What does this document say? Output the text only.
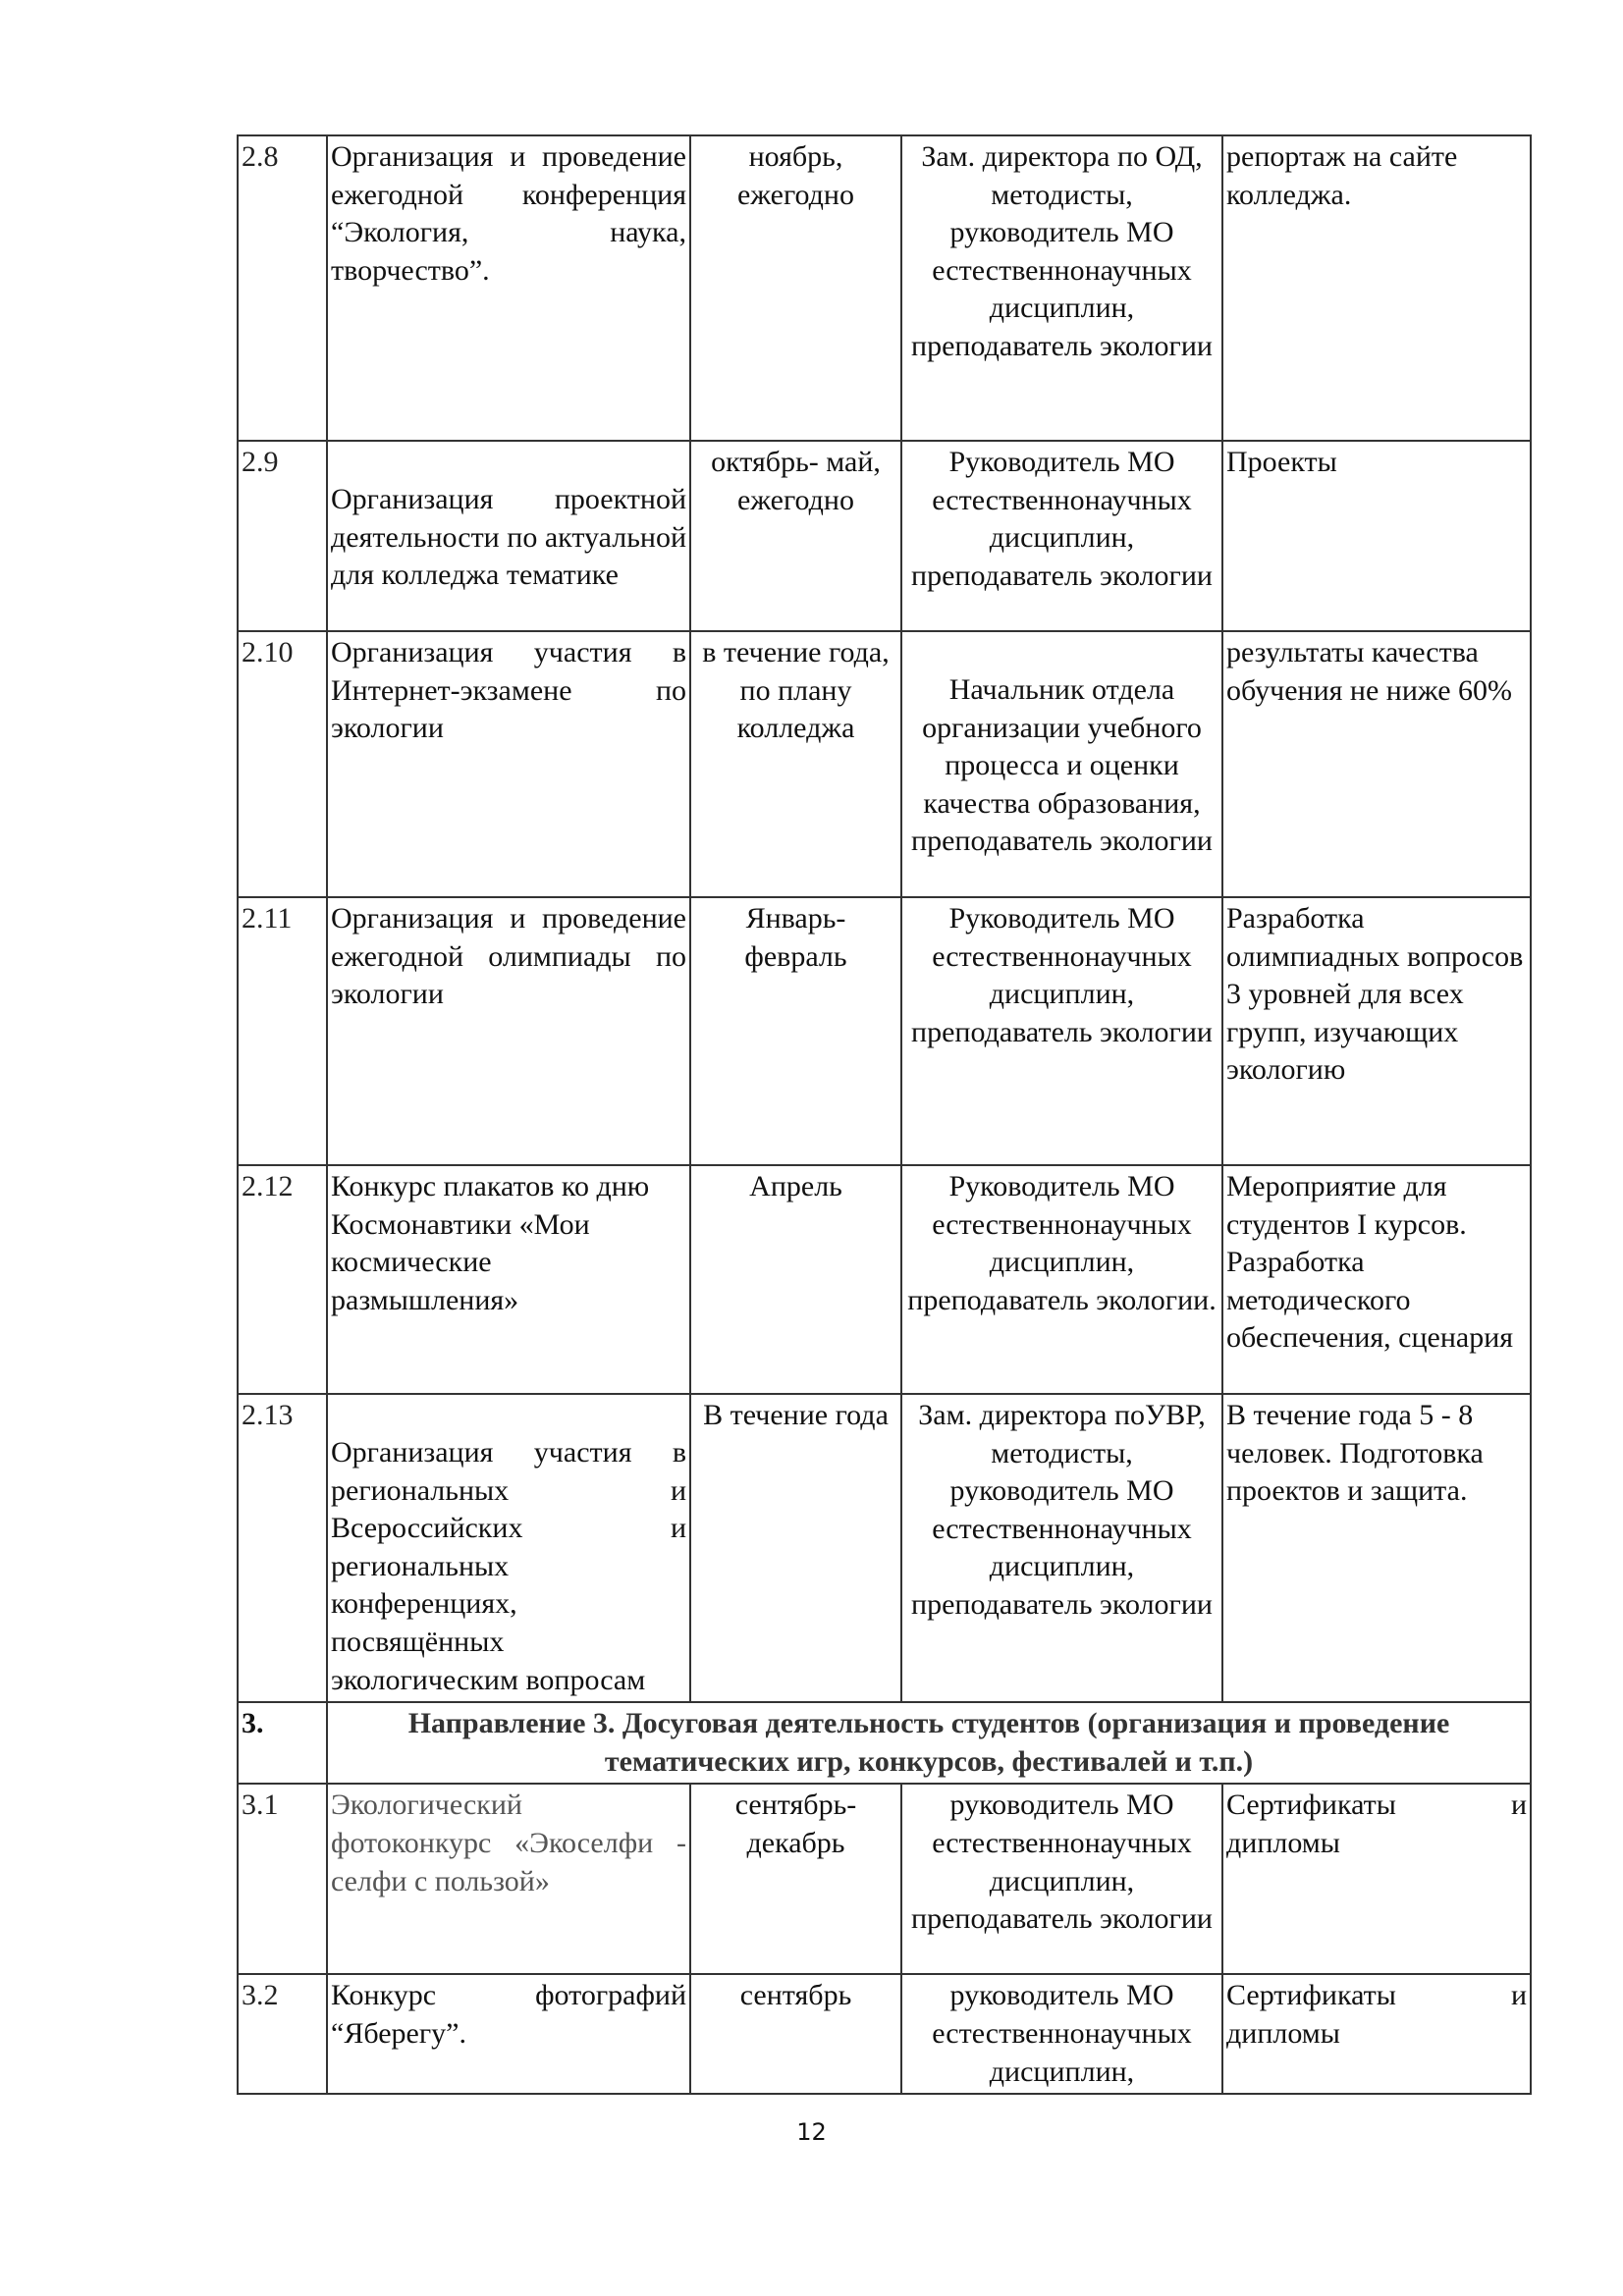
2.8	Организация и проведение ежегодной конференция “Экология, наука, творчество”.	ноябрь, ежегодно	Зам. директора по ОД, методисты, руководитель МО естественнонаучных дисциплин, преподаватель экологии	репортаж на сайте колледжа.
2.9	Организация проектной деятельности по актуальной для колледжа тематике	октябрь- май, ежегодно	Руководитель МО естественнонаучных дисциплин, преподаватель экологии	Проекты
2.10	Организация участия в Интернет-экзамене по экологии	в течение года, по плану колледжа	Начальник отдела организации учебного процесса и оценки качества образования, преподаватель экологии	результаты качества обучения не ниже 60%
2.11	Организация и проведение ежегодной олимпиады по экологии	Январь- февраль	Руководитель МО естественнонаучных дисциплин, преподаватель экологии	Разработка олимпиадных вопросов 3 уровней для всех групп, изучающих экологию
2.12	Конкурс плакатов ко дню Космонавтики «Мои космические размышления»	Апрель	Руководитель МО естественнонаучных дисциплин, преподаватель экологии.	Мероприятие для студентов I курсов. Разработка методического обеспечения, сценария
2.13	Организация участия в региональных и Всероссийских и региональных конференциях, посвящённых экологическим вопросам	В течение года	Зам. директора поУВР, методисты, руководитель МО естественнонаучных дисциплин, преподаватель экологии	В течение года 5 - 8 человек. Подготовка проектов и защита.
3.	Направление 3. Досуговая деятельность студентов (организация и проведение тематических игр, конкурсов, фестивалей и т.п.)			
3.1	Экологический фотоконкурс «Экоселфи - селфи с пользой»	сентябрь- декабрь	руководитель МО естественнонаучных дисциплин, преподаватель экологии	Сертификаты и дипломы
3.2	Конкурс фотографий “Яберегу”.	сентябрь	руководитель МО естественнонаучных дисциплин,	Сертификаты и дипломы
12
